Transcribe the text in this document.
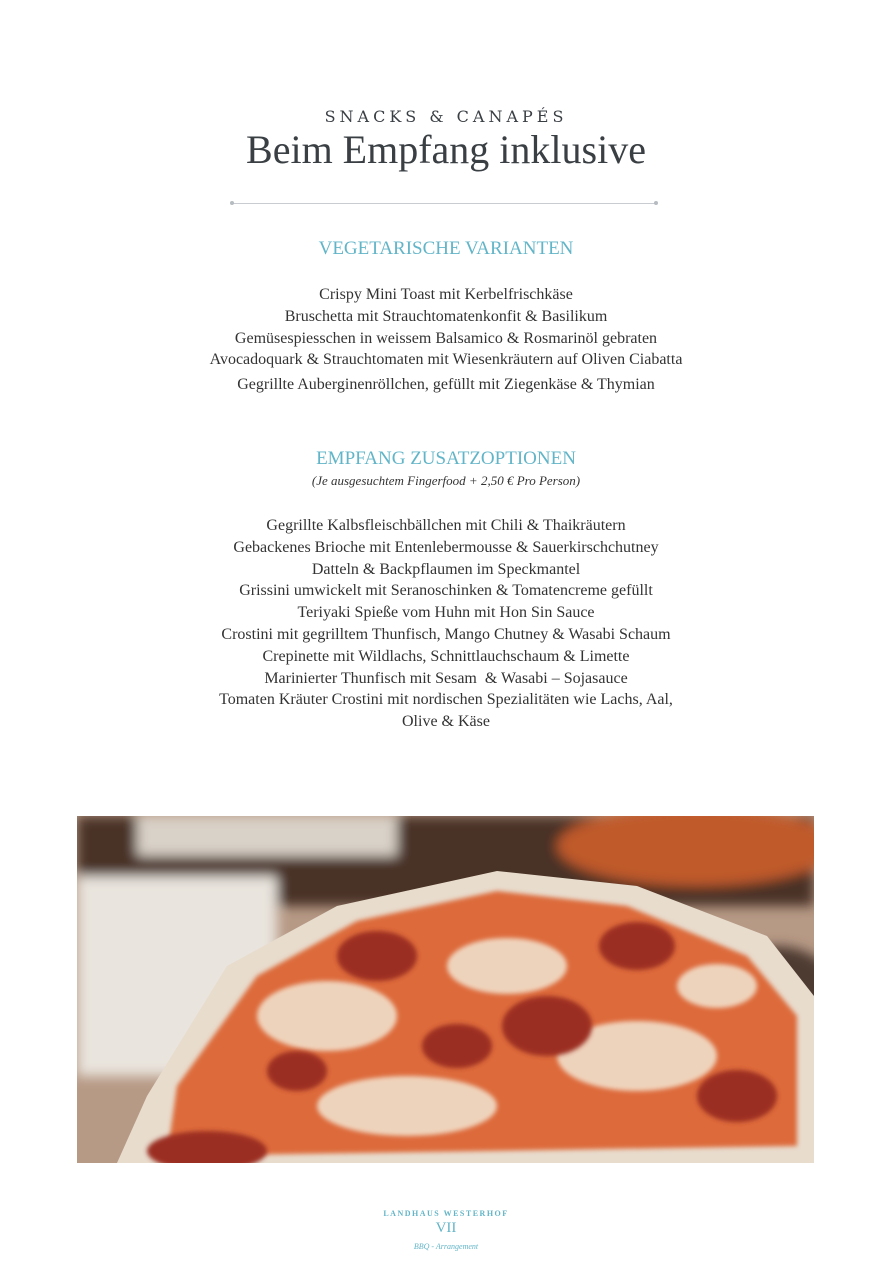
SNACKS & CANAPÉS
Beim Empfang inklusive
VEGETARISCHE VARIANTEN
Crispy Mini Toast mit Kerbelfrischkäse
Bruschetta mit Strauchtomatenkonfit & Basilikum
Gemüsespiesschen in weissem Balsamico & Rosmarinöl gebraten
Avocadoquark & Strauchtomaten mit Wiesenkräutern auf Oliven Ciabatta
Gegrillte Auberginenröllchen, gefüllt mit Ziegenkäse & Thymian
EMPFANG ZUSATZOPTIONEN
(Je ausgesuchtem Fingerfood + 2,50 € Pro Person)
Gegrillte Kalbsfleischbällchen mit Chili & Thaikräutern
Gebackenes Brioche mit Entenlebermousse & Sauerkirschchutney
Datteln & Backpflaumen im Speckmantel
Grissini umwickelt mit Seranoschinken & Tomatencreme gefüllt
Teriyaki Spieße vom Huhn mit Hon Sin Sauce
Crostini mit gegrilltem Thunfisch, Mango Chutney & Wasabi Schaum
Crepinette mit Wildlachs, Schnittlauchschaum & Limette
Marinierter Thunfisch mit Sesam  & Wasabi – Sojasauce
Tomaten Kräuter Crostini mit nordischen Spezialitäten wie Lachs, Aal,
Olive & Käse
LANDHAUS WESTERHOF
VII
BBQ - Arrangement
